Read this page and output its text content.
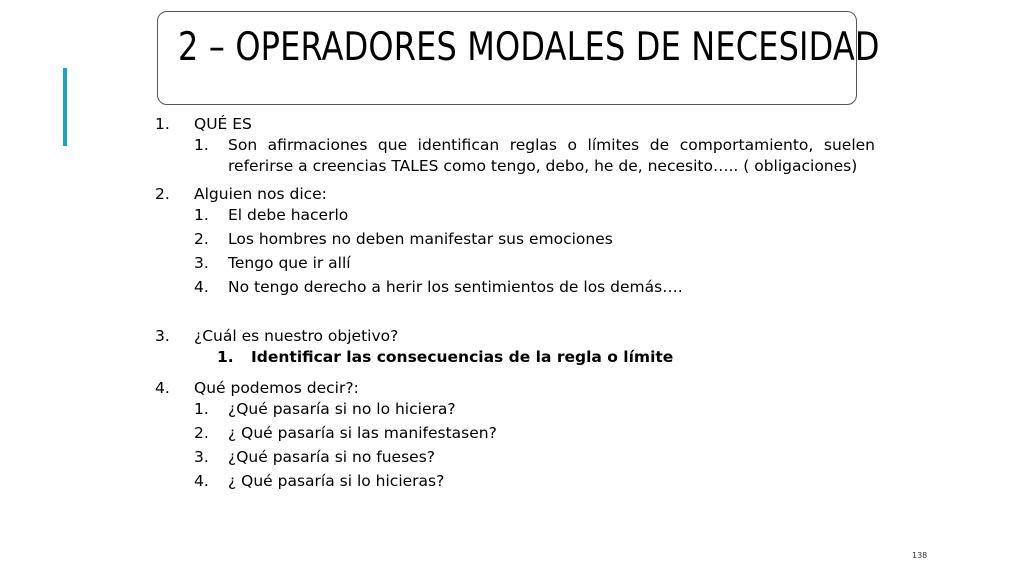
2 – OPERADORES MODALES DE NECESIDAD
1. QUÉ ES
1. Son afirmaciones que identifican reglas o límites de comportamiento, suelen referirse a creencias TALES como tengo, debo, he de, necesito….. ( obligaciones)
2. Alguien nos dice:
1. El debe hacerlo
2. Los hombres no deben manifestar sus emociones
3. Tengo que ir allí
4. No tengo derecho a herir los sentimientos de los demás….
3. ¿Cuál es nuestro objetivo?
1. Identificar las consecuencias de la regla o límite
4. Qué podemos decir?:
1. ¿Qué pasaría si no lo hiciera?
2. ¿ Qué pasaría si las manifestasen?
3. ¿Qué pasaría si no fueses?
4. ¿ Qué pasaría si lo hicieras?
138
